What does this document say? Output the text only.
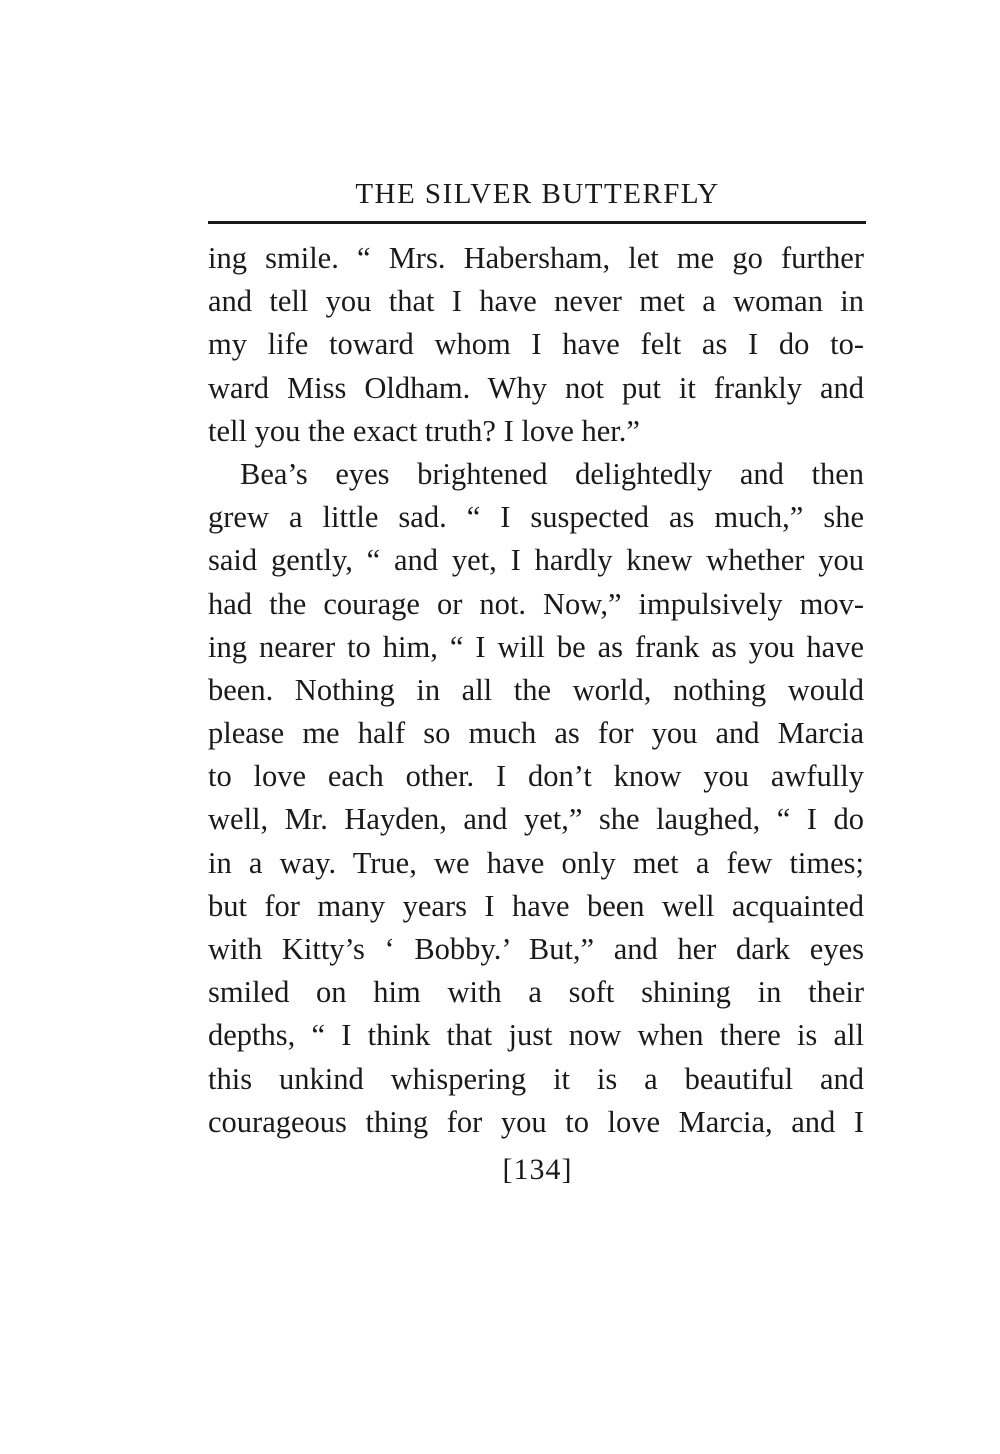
THE SILVER BUTTERFLY
ing smile. “ Mrs. Habersham, let me go further
and tell you that I have never met a woman in
my life toward whom I have felt as I do to-
ward Miss Oldham. Why not put it frankly and
tell you the exact truth? I love her.”
Bea’s eyes brightened delightedly and then
grew a little sad. “ I suspected as much,” she
said gently, “ and yet, I hardly knew whether you
had the courage or not. Now,” impulsively mov-
ing nearer to him, “ I will be as frank as you have
been. Nothing in all the world, nothing would
please me half so much as for you and Marcia
to love each other. I don’t know you awfully
well, Mr. Hayden, and yet,” she laughed, “ I do
in a way. True, we have only met a few times;
but for many years I have been well acquainted
with Kitty’s ‘ Bobby.’ But,” and her dark eyes
smiled on him with a soft shining in their
depths, “ I think that just now when there is all
this unkind whispering it is a beautiful and
courageous thing for you to love Marcia, and I
[134]
